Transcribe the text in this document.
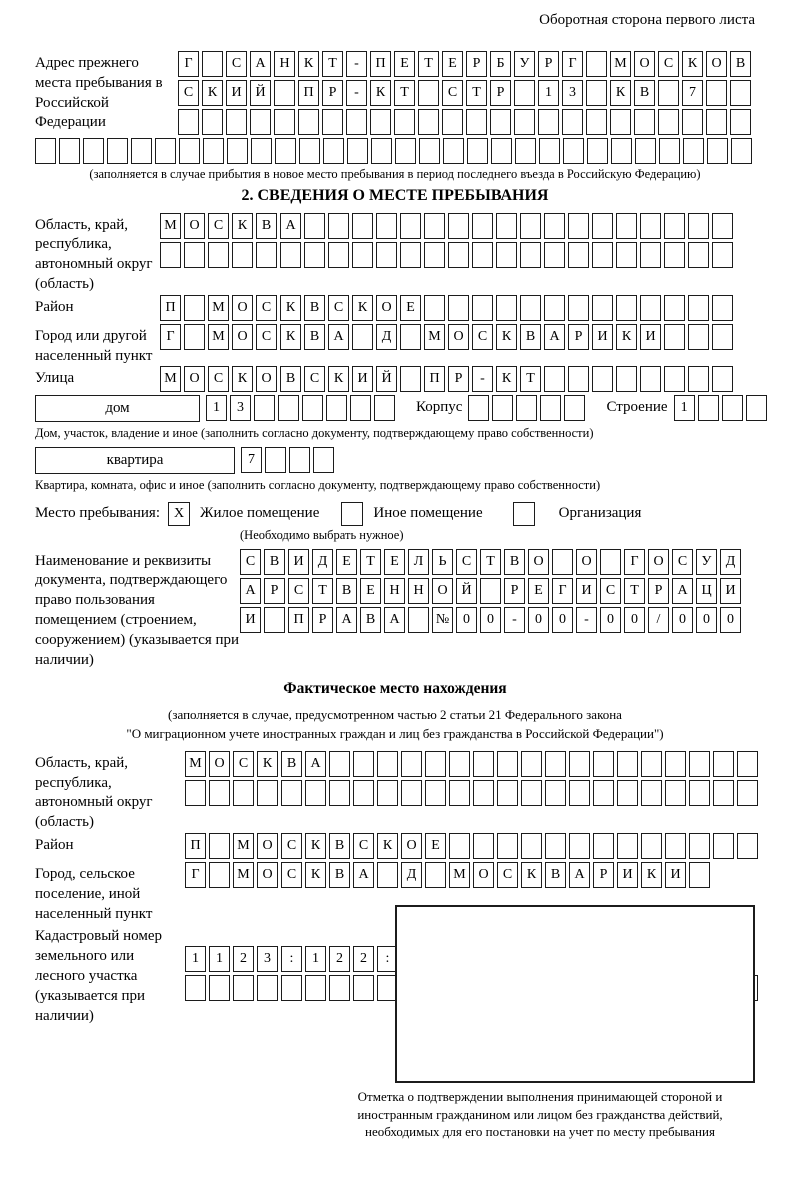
Оборотная сторона первого листа
Адрес прежнего места пребывания в Российской Федерации
Г	С	А Н	К	Т	-	П	Е	Т	Е	Р	Б	У	Р	Г	М О	С	К	О	В
С	К	И Й	П	Р	-	К	Т	С	Т	Р	1	3	К	В	7
(заполняется в случае прибытия в новое место пребывания в период последнего въезда в Российскую Федерацию)
2. СВЕДЕНИЯ О МЕСТЕ ПРЕБЫВАНИЯ
Область, край, республика, автономный округ (область)
М О	С	К	В	А
Район	П	М О	С	К	В	С	К	О	Е
Город или другой населенный пункт
Г	М О	С	К	В	А	Д	М О	С	К	В	А	Р	И	К	И
Улица	М О	С	К	О	В	С	К	И Й	П	Р	-	К	Т
дом	1	3	Корпус	Строение 1
Дом, участок, владение и иное (заполнить согласно документу, подтверждающему право собственности)
квартира	7
Квартира, комната, офис и иное (заполнить согласно документу, подтверждающему право собственности)
Место пребывания: X	Жилое помещение	Иное помещение	Организация
(Необходимо выбрать нужное)
Наименование и реквизиты документа, подтверждающего право пользования помещением (строением, сооружением) (указывается при наличии)
С	В	И	Д	Е	Т	Е	Л	Ь	С	Т	В	О	О	Г	О	С	У	Д
А	Р	С	Т	В	Е	Н Н О Й	Р	Е	Г	И	С	Т	Р	А Ц И
И	П	Р	А	В	А	№ 0	0	-	0	0	-	0	0	/	0	0	0
Фактическое место нахождения
(заполняется в случае, предусмотренном частью 2 статьи 21 Федерального закона
"О миграционном учете иностранных граждан и лиц без гражданства в Российской Федерации")
Область, край, республика, автономный округ (область)
М О	С	К	В	А
Район	П	М О	С	К	В	С	К	О	Е
Город, сельское поселение, иной населенный пункт
Г	М О	С	К	В	А	Д	М О	С	К	В	А	Р	И	К	И
Кадастровый номер земельного или лесного участка (указывается при наличии)
1	1	2	3	:	1	2	2	:
Отметка о подтверждении выполнения принимающей стороной и иностранным гражданином или лицом без гражданства действий, необходимых для его постановки на учет по месту пребывания
